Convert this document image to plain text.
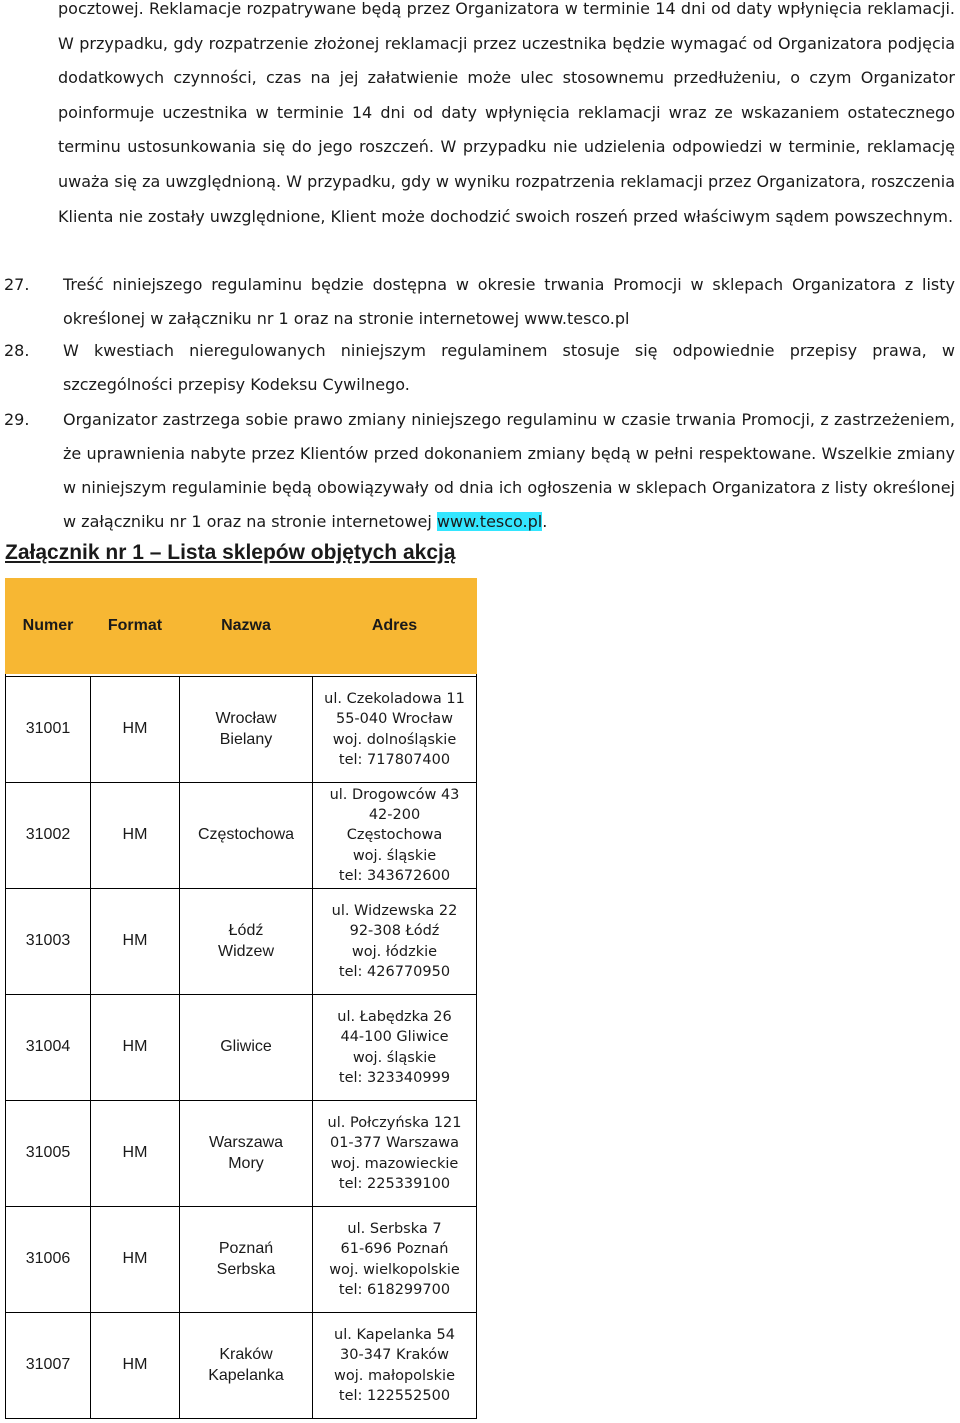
pocztowej. Reklamacje rozpatrywane będą przez Organizatora w terminie 14 dni od daty wpłynięcia reklamacji. W przypadku, gdy rozpatrzenie złożonej reklamacji przez uczestnika będzie wymagać od Organizatora podjęcia dodatkowych czynności, czas na jej załatwienie może ulec stosownemu przedłużeniu, o czym Organizator poinformuje uczestnika w terminie 14 dni od daty wpłynięcia reklamacji wraz ze wskazaniem ostatecznego terminu ustosunkowania się do jego roszczeń. W przypadku nie udzielenia odpowiedzi w terminie, reklamację uważa się za uwzględnioną. W przypadku, gdy w wyniku rozpatrzenia reklamacji przez Organizatora, roszczenia Klienta nie zostały uwzględnione, Klient może dochodzić swoich roszeń przed właściwym sądem powszechnym.

27. Treść niniejszego regulaminu będzie dostępna w okresie trwania Promocji w sklepach Organizatora z listy określonej w załączniku nr 1 oraz na stronie internetowej www.tesco.pl

28. W kwestiach nieregulowanych niniejszym regulaminem stosuje się odpowiednie przepisy prawa, w szczególności przepisy Kodeksu Cywilnego.

29. Organizator zastrzega sobie prawo zmiany niniejszego regulaminu w czasie trwania Promocji, z zastrzeżeniem, że uprawnienia nabyte przez Klientów przed dokonaniem zmiany będą w pełni respektowane. Wszelkie zmiany w niniejszym regulaminie będą obowiązywały od dnia ich ogłoszenia w sklepach Organizatora z listy określonej w załączniku nr 1 oraz na stronie internetowej www.tesco.pl.

Załącznik nr 1 – Lista sklepów objętych akcją

Numer	Format	Nazwa	Adres

31001	HM	Wrocław
Bielany	ul. Czekoladowa 11
55-040 Wrocław
woj. dolnośląskie
tel: 717807400

31002	HM	Częstochowa	ul. Drogowców 43
42-200
Częstochowa
woj. śląskie
tel: 343672600

31003	HM	Łódź
Widzew	ul. Widzewska 22
92-308 Łódź
woj. łódzkie
tel: 426770950

31004	HM	Gliwice	ul. Łabędzka 26
44-100 Gliwice
woj. śląskie
tel: 323340999

31005	HM	Warszawa
Mory	ul. Połczyńska 121
01-377 Warszawa
woj. mazowieckie
tel: 225339100

31006	HM	Poznań
Serbska	ul. Serbska 7
61-696 Poznań
woj. wielkopolskie
tel: 618299700

31007	HM	Kraków
Kapelanka	ul. Kapelanka 54
30-347 Kraków
woj. małopolskie
tel: 122552500
